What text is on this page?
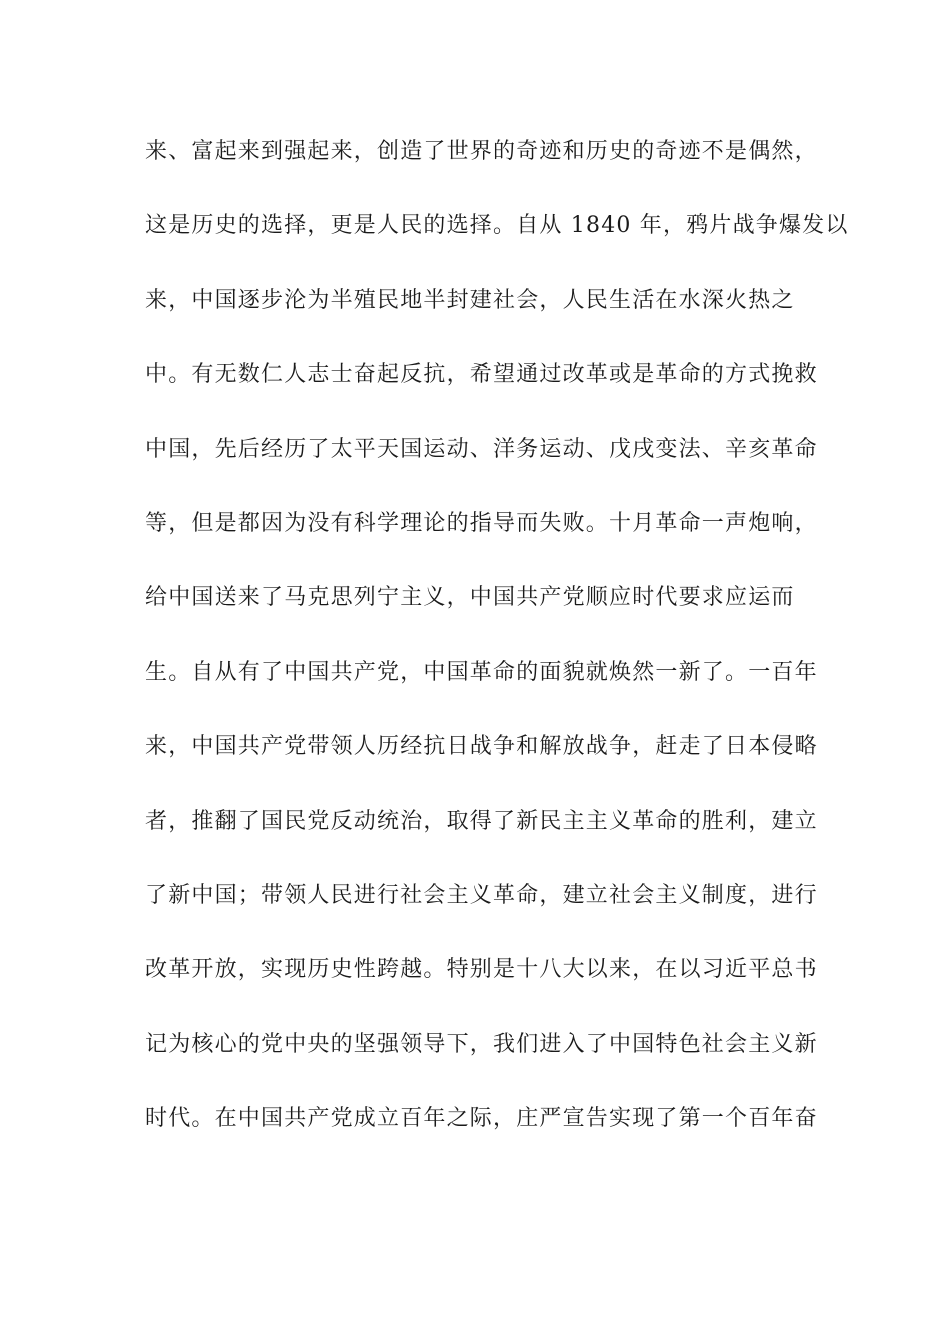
来、富起来到强起来，创造了世界的奇迹和历史的奇迹不是偶然，
这是历史的选择，更是人民的选择。自从 1840 年，鸦片战争爆发以
来，中国逐步沦为半殖民地半封建社会，人民生活在水深火热之
中。有无数仁人志士奋起反抗，希望通过改革或是革命的方式挽救
中国，先后经历了太平天国运动、洋务运动、戊戌变法、辛亥革命
等，但是都因为没有科学理论的指导而失败。十月革命一声炮响，
给中国送来了马克思列宁主义，中国共产党顺应时代要求应运而
生。自从有了中国共产党，中国革命的面貌就焕然一新了。一百年
来，中国共产党带领人历经抗日战争和解放战争，赶走了日本侵略
者，推翻了国民党反动统治，取得了新民主主义革命的胜利，建立
了新中国；带领人民进行社会主义革命，建立社会主义制度，进行
改革开放，实现历史性跨越。特别是十八大以来，在以习近平总书
记为核心的党中央的坚强领导下，我们进入了中国特色社会主义新
时代。在中国共产党成立百年之际，庄严宣告实现了第一个百年奋
